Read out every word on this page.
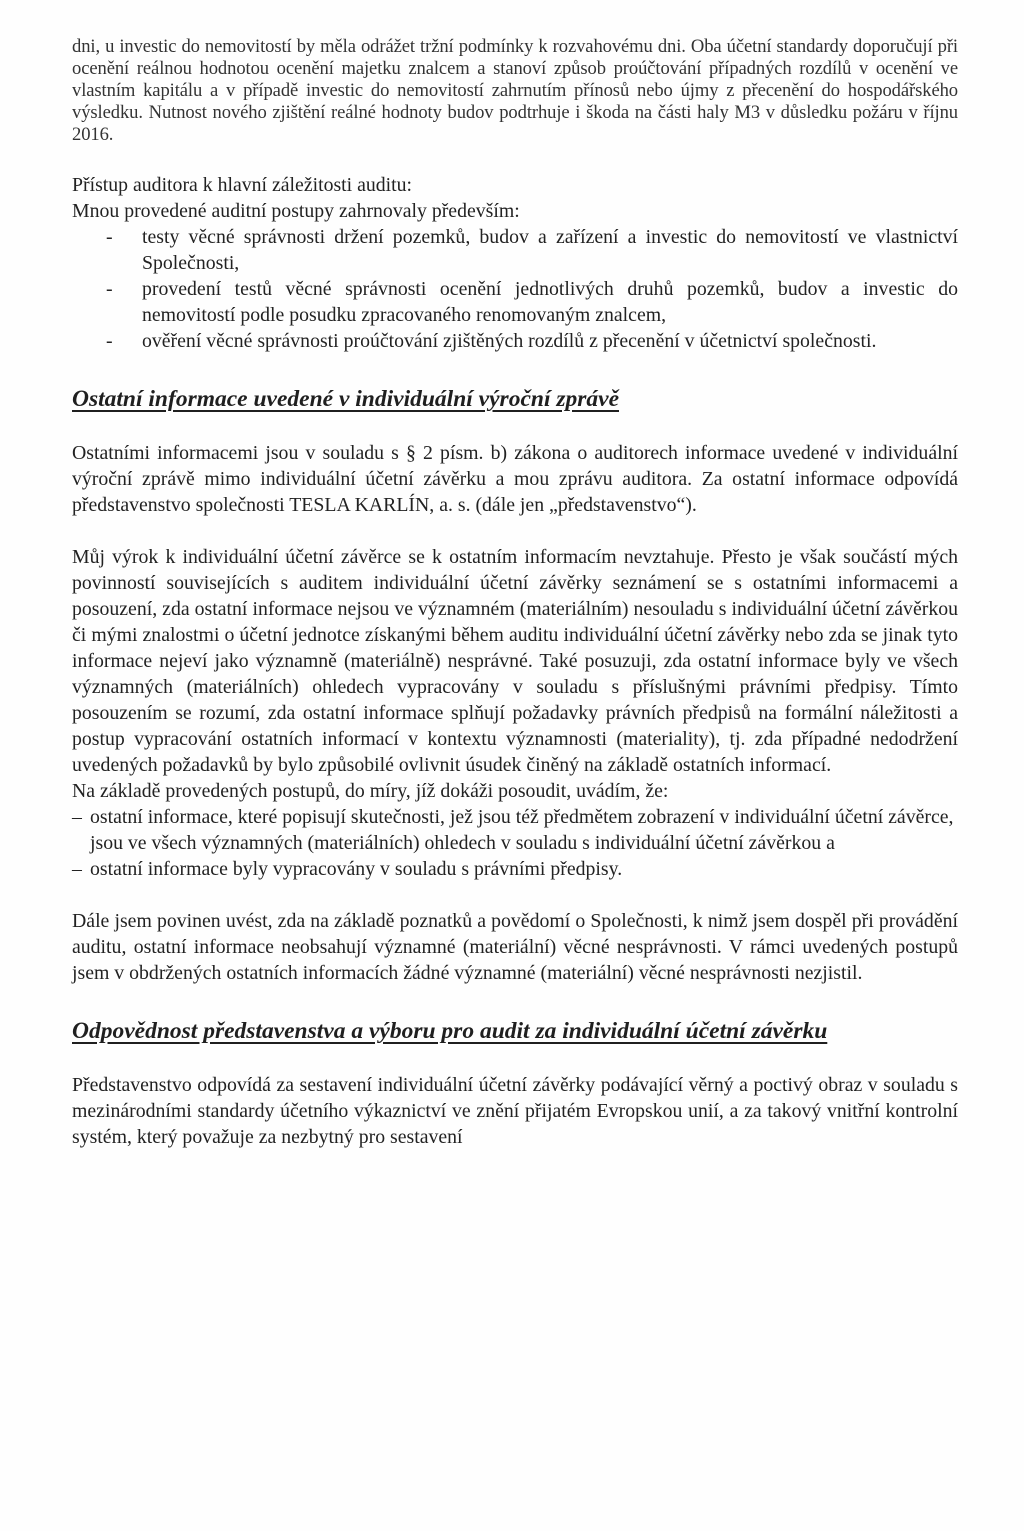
dni, u investic do nemovitostí by měla odrážet tržní podmínky k rozvahovému dni. Oba účetní standardy doporučují při ocenění reálnou hodnotou ocenění majetku znalcem a stanoví způsob proúčtování případných rozdílů v ocenění ve vlastním kapitálu a v případě investic do nemovitostí zahrnutím přínosů nebo újmy z přecenění do hospodářského výsledku. Nutnost nového zjištění reálné hodnoty budov podtrhuje i škoda na části haly M3 v důsledku požáru v říjnu 2016.

Přístup auditora k hlavní záležitosti auditu:

Mnou provedené auditní postupy zahrnovaly především:

- testy věcné správnosti držení pozemků, budov a zařízení a investic do nemovitostí ve vlastnictví Společnosti,
- provedení testů věcné správnosti ocenění jednotlivých druhů pozemků, budov a investic do nemovitostí podle posudku zpracovaného renomovaným znalcem,
- ověření věcné správnosti proúčtování zjištěných rozdílů z přecenění v účetnictví společnosti.
Ostatní informace uvedené v individuální výroční zprávě

Ostatními informacemi jsou v souladu s § 2 písm. b) zákona o auditorech informace uvedené v individuální výroční zprávě mimo individuální účetní závěrku a mou zprávu auditora. Za ostatní informace odpovídá představenstvo společnosti TESLA KARLÍN, a. s. (dále jen „představenstvo“).

Můj výrok k individuální účetní závěrce se k ostatním informacím nevztahuje. Přesto je však součástí mých povinností souvisejících s auditem individuální účetní závěrky seznámení se s ostatními informacemi a posouzení, zda ostatní informace nejsou ve významném (materiálním) nesouladu s individuální účetní závěrkou či mými znalostmi o účetní jednotce získanými během auditu individuální účetní závěrky nebo zda se jinak tyto informace nejeví jako významně (materiálně) nesprávné. Také posuzuji, zda ostatní informace byly ve všech významných (materiálních) ohledech vypracovány v souladu s příslušnými právními předpisy. Tímto posouzením se rozumí, zda ostatní informace splňují požadavky právních předpisů na formální náležitosti a postup vypracování ostatních informací v kontextu významnosti (materiality), tj. zda případné nedodržení uvedených požadavků by bylo způsobilé ovlivnit úsudek činěný na základě ostatních informací.

Na základě provedených postupů, do míry, jíž dokáži posoudit, uvádím, že:

– ostatní informace, které popisují skutečnosti, jež jsou též předmětem zobrazení v individuální účetní závěrce, jsou ve všech významných (materiálních) ohledech v souladu s individuální účetní závěrkou a
– ostatní informace byly vypracovány v souladu s právními předpisy.

Dále jsem povinen uvést, zda na základě poznatků a povědomí o Společnosti, k nimž jsem dospěl při provádění auditu, ostatní informace neobsahují významné (materiální) věcné nesprávnosti. V rámci uvedených postupů jsem v obdržených ostatních informacích žádné významné (materiální) věcné nesprávnosti nezjistil.

Odpovědnost představenstva a výboru pro audit za individuální účetní závěrku

Představenstvo odpovídá za sestavení individuální účetní závěrky podávající věrný a poctivý obraz v souladu s mezinárodními standardy účetního výkaznictví ve znění přijatém Evropskou unií, a za takový vnitřní kontrolní systém, který považuje za nezbytný pro sestavení
